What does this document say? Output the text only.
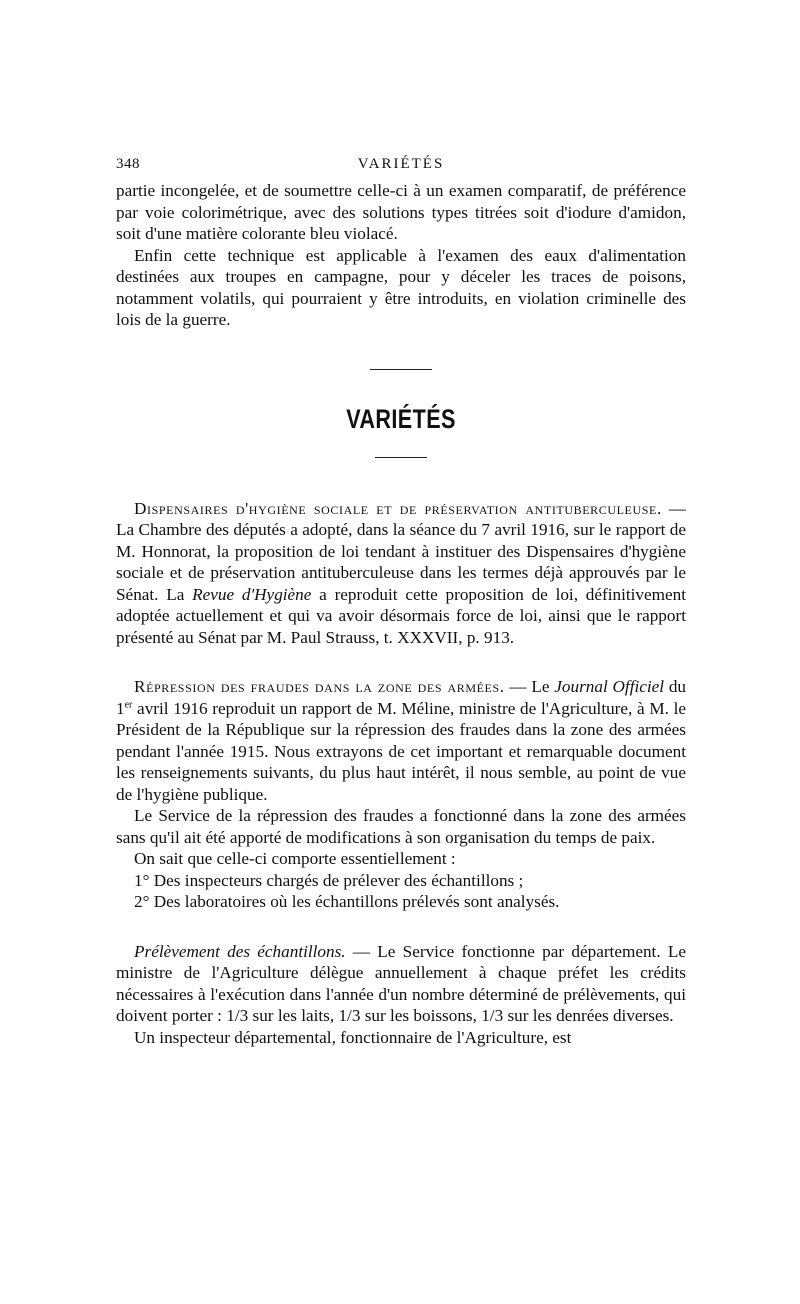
348	VARIÉTÉS

partie incongelée, et de soumettre celle-ci à un examen comparatif, de préférence par voie colorimétrique, avec des solutions types titrées soit d'iodure d'amidon, soit d'une matière colorante bleu violacé.

Enfin cette technique est applicable à l'examen des eaux d'alimentation destinées aux troupes en campagne, pour y déceler les traces de poisons, notamment volatils, qui pourraient y être introduits, en violation criminelle des lois de la guerre.

VARIÉTÉS

Dispensaires d'hygiène sociale et de préservation antituberculeuse. — La Chambre des députés a adopté, dans la séance du 7 avril 1916, sur le rapport de M. Honnorat, la proposition de loi tendant à instituer des Dispensaires d'hygiène sociale et de préservation antituberculeuse dans les termes déjà approuvés par le Sénat. La Revue d'Hygiène a reproduit cette proposition de loi, définitivement adoptée actuellement et qui va avoir désormais force de loi, ainsi que le rapport présenté au Sénat par M. Paul Strauss, t. XXXVII, p. 913.

Répression des fraudes dans la zone des armées. — Le Journal Officiel du 1er avril 1916 reproduit un rapport de M. Méline, ministre de l'Agriculture, à M. le Président de la République sur la répression des fraudes dans la zone des armées pendant l'année 1915. Nous extrayons de cet important et remarquable document les renseignements suivants, du plus haut intérêt, il nous semble, au point de vue de l'hygiène publique.

Le Service de la répression des fraudes a fonctionné dans la zone des armées sans qu'il ait été apporté de modifications à son organisation du temps de paix.

On sait que celle-ci comporte essentiellement :

1° Des inspecteurs chargés de prélever des échantillons ;

2° Des laboratoires où les échantillons prélevés sont analysés.

Prélèvement des échantillons. — Le Service fonctionne par département. Le ministre de l'Agriculture délègue annuellement à chaque préfet les crédits nécessaires à l'exécution dans l'année d'un nombre déterminé de prélèvements, qui doivent porter : 1/3 sur les laits, 1/3 sur les boissons, 1/3 sur les denrées diverses.

Un inspecteur départemental, fonctionnaire de l'Agriculture, est
